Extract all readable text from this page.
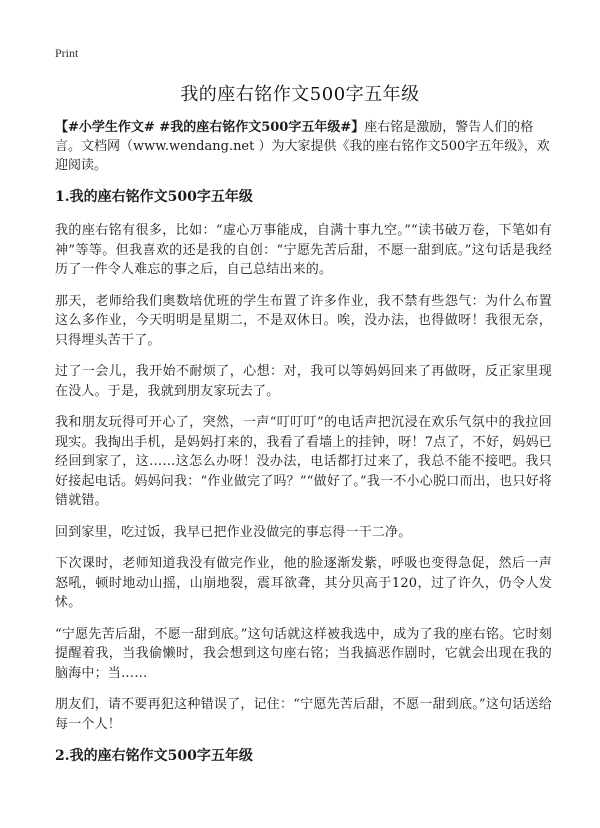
Print
我的座右铭作文500字五年级

【#小学生作文# #我的座右铭作文500字五年级#】座右铭是激励，警告人们的格言。文档网（www.wendang.net ）为大家提供《我的座右铭作文500字五年级》，欢迎阅读。

1.我的座右铭作文500字五年级

我的座右铭有很多，比如：“虚心万事能成，自满十事九空。”“读书破万卷，下笔如有神”等等。但我喜欢的还是我的自创：“宁愿先苦后甜，不愿一甜到底。”这句话是我经历了一件令人难忘的事之后，自己总结出来的。

那天，老师给我们奥数培优班的学生布置了许多作业，我不禁有些怨气：为什么布置这么多作业，今天明明是星期二，不是双休日。唉，没办法，也得做呀！我很无奈，只得埋头苦干了。

过了一会儿，我开始不耐烦了，心想：对，我可以等妈妈回来了再做呀，反正家里现在没人。于是，我就到朋友家玩去了。

我和朋友玩得可开心了，突然，一声“叮叮叮”的电话声把沉浸在欢乐气氛中的我拉回现实。我掏出手机，是妈妈打来的，我看了看墙上的挂钟，呀！7点了，不好，妈妈已经回到家了，这……这怎么办呀！没办法，电话都打过来了，我总不能不接吧。我只好接起电话。妈妈问我：“作业做完了吗？”“做好了。”我一不小心脱口而出，也只好将错就错。

回到家里，吃过饭，我早已把作业没做完的事忘得一干二净。

下次课时，老师知道我没有做完作业，他的脸逐渐发紫，呼吸也变得急促，然后一声怒吼，顿时地动山摇，山崩地裂，震耳欲聋，其分贝高于120，过了许久，仍令人发怵。

“宁愿先苦后甜，不愿一甜到底。”这句话就这样被我选中，成为了我的座右铭。它时刻提醒着我，当我偷懒时，我会想到这句座右铭；当我搞恶作剧时，它就会出现在我的脑海中；当……

朋友们，请不要再犯这种错误了，记住：“宁愿先苦后甜，不愿一甜到底。”这句话送给每一个人！

2.我的座右铭作文500字五年级
